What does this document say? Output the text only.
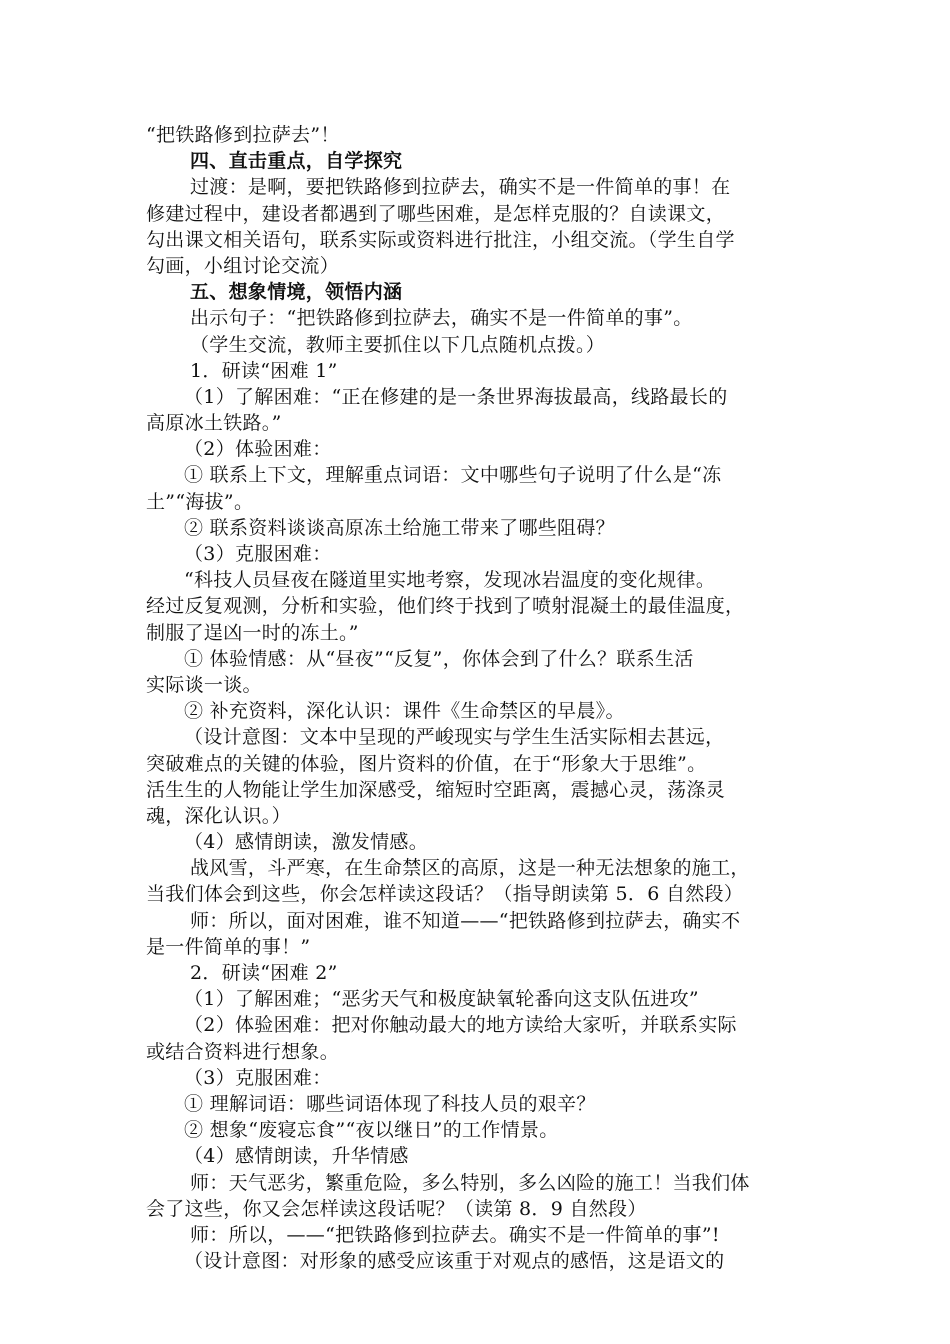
“把铁路修到拉萨去”！
四、直击重点，自学探究
过渡：是啊，要把铁路修到拉萨去，确实不是一件简单的事！在
修建过程中，建设者都遇到了哪些困难，是怎样克服的？自读课文，
勾出课文相关语句，联系实际或资料进行批注，小组交流。（学生自学
勾画，小组讨论交流）
五、想象情境，领悟内涵
出示句子：“把铁路修到拉萨去，确实不是一件简单的事”。
（学生交流，教师主要抓住以下几点随机点拨。）
1．研读“困难 1”
（1）了解困难：“正在修建的是一条世界海拔最高，线路最长的
高原冰土铁路。”
（2）体验困难：
① 联系上下文，理解重点词语：文中哪些句子说明了什么是“冻
土”“海拔”。
② 联系资料谈谈高原冻土给施工带来了哪些阻碍？
（3）克服困难：
“科技人员昼夜在隧道里实地考察，发现冰岩温度的变化规律。
经过反复观测，分析和实验，他们终于找到了喷射混凝土的最佳温度，
制服了逞凶一时的冻土。”
① 体验情感：从“昼夜”“反复”，你体会到了什么？联系生活
实际谈一谈。
② 补充资料，深化认识：课件《生命禁区的早晨》。
（设计意图：文本中呈现的严峻现实与学生生活实际相去甚远，
突破难点的关键的体验，图片资料的价值，在于“形象大于思维”。
活生生的人物能让学生加深感受，缩短时空距离，震撼心灵，荡涤灵
魂，深化认识。）
（4）感情朗读，激发情感。
战风雪，斗严寒，在生命禁区的高原，这是一种无法想象的施工，
当我们体会到这些，你会怎样读这段话？（指导朗读第 5．6 自然段）
师：所以，面对困难，谁不知道——“把铁路修到拉萨去，确实不
是一件简单的事！”
2．研读“困难 2”
（1）了解困难；“恶劣天气和极度缺氧轮番向这支队伍进攻”
（2）体验困难：把对你触动最大的地方读给大家听，并联系实际
或结合资料进行想象。
（3）克服困难：
① 理解词语：哪些词语体现了科技人员的艰辛？
② 想象“废寝忘食”“夜以继日”的工作情景。
（4）感情朗读，升华情感
师：天气恶劣，繁重危险，多么特别，多么凶险的施工！当我们体
会了这些，你又会怎样读这段话呢？（读第 8．9 自然段）
师：所以，——“把铁路修到拉萨去。确实不是一件简单的事”!
（设计意图：对形象的感受应该重于对观点的感悟，这是语文的
